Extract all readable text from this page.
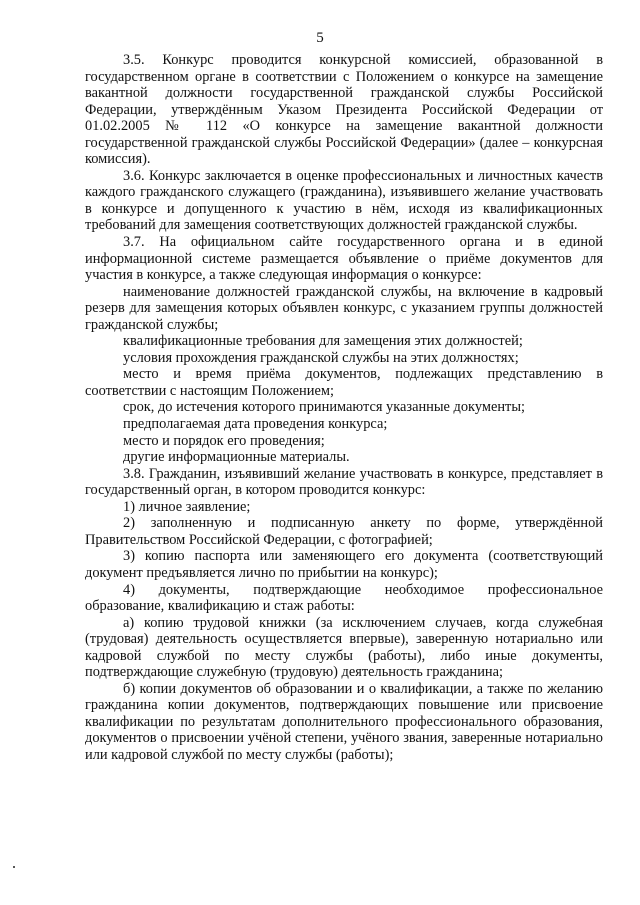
5

3.5. Конкурс проводится конкурсной комиссией, образованной в государственном органе в соответствии с Положением о конкурсе на замещение вакантной должности государственной гражданской службы Российской Федерации, утверждённым Указом Президента Российской Федерации от 01.02.2005 № 112 «О конкурсе на замещение вакантной должности государственной гражданской службы Российской Федерации» (далее – конкурсная комиссия).

3.6. Конкурс заключается в оценке профессиональных и личностных качеств каждого гражданского служащего (гражданина), изъявившего желание участвовать в конкурсе и допущенного к участию в нём, исходя из квалификационных требований для замещения соответствующих должностей гражданской службы.

3.7. На официальном сайте государственного органа и в единой информационной системе размещается объявление о приёме документов для участия в конкурсе, а также следующая информация о конкурсе:

наименование должностей гражданской службы, на включение в кадровый резерв для замещения которых объявлен конкурс, с указанием группы должностей гражданской службы;

квалификационные требования для замещения этих должностей;

условия прохождения гражданской службы на этих должностях;

место и время приёма документов, подлежащих представлению в соответствии с настоящим Положением;

срок, до истечения которого принимаются указанные документы;

предполагаемая дата проведения конкурса;

место и порядок его проведения;

другие информационные материалы.

3.8. Гражданин, изъявивший желание участвовать в конкурсе, представляет в государственный орган, в котором проводится конкурс:

1) личное заявление;

2) заполненную и подписанную анкету по форме, утверждённой Правительством Российской Федерации, с фотографией;

3) копию паспорта или заменяющего его документа (соответствующий документ предъявляется лично по прибытии на конкурс);

4) документы, подтверждающие необходимое профессиональное образование, квалификацию и стаж работы:

а) копию трудовой книжки (за исключением случаев, когда служебная (трудовая) деятельность осуществляется впервые), заверенную нотариально или кадровой службой по месту службы (работы), либо иные документы, подтверждающие служебную (трудовую) деятельность гражданина;

б) копии документов об образовании и о квалификации, а также по желанию гражданина копии документов, подтверждающих повышение или присвоение квалификации по результатам дополнительного профессионального образования, документов о присвоении учёной степени, учёного звания, заверенные нотариально или кадровой службой по месту службы (работы);
